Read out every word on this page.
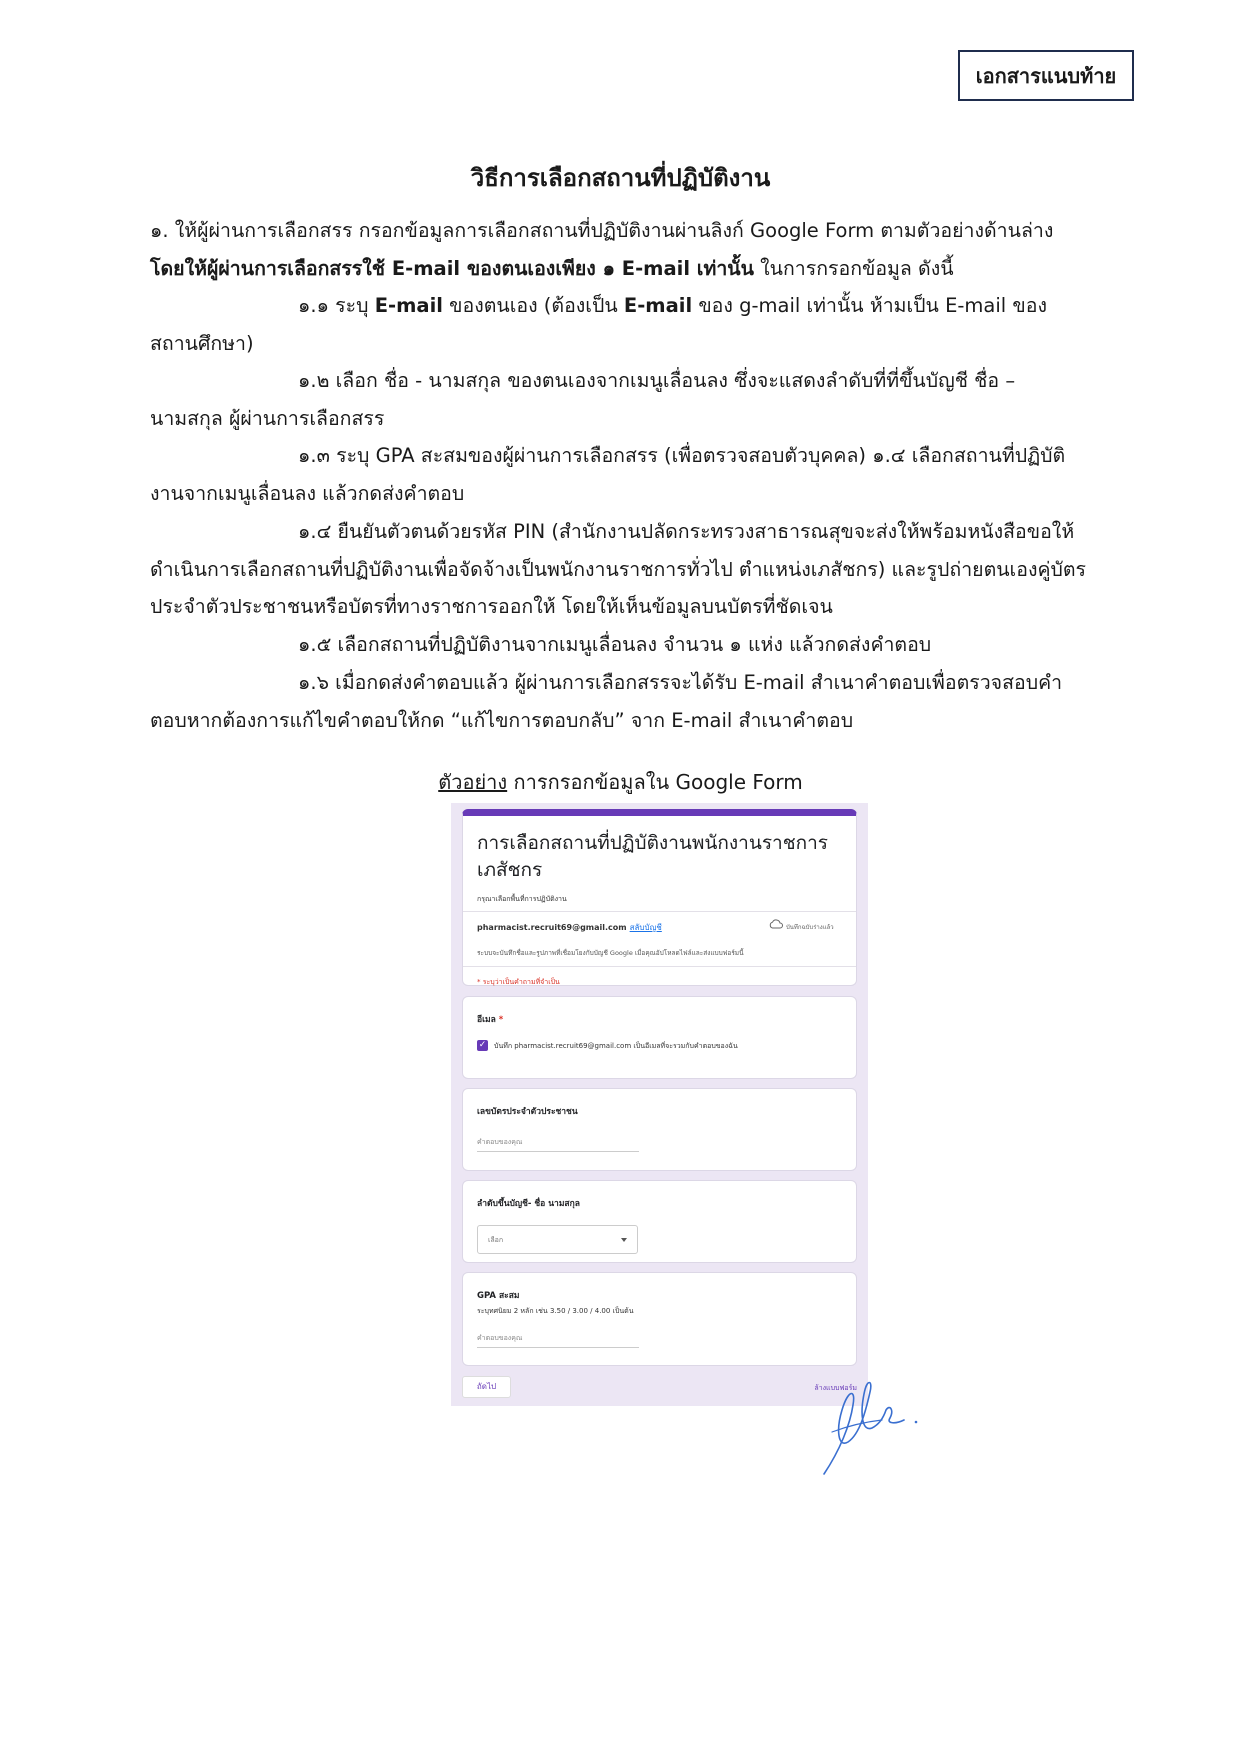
เอกสารแนบท้าย
วิธีการเลือกสถานที่ปฏิบัติงาน
๑. ให้ผู้ผ่านการเลือกสรร กรอกข้อมูลการเลือกสถานที่ปฏิบัติงานผ่านลิงก์ Google Form ตามตัวอย่างด้านล่าง โดยให้ผู้ผ่านการเลือกสรรใช้ E-mail ของตนเองเพียง ๑ E-mail เท่านั้น ในการกรอกข้อมูล ดังนี้
๑.๑ ระบุ E-mail ของตนเอง (ต้องเป็น E-mail ของ g-mail เท่านั้น ห้ามเป็น E-mail ของสถานศึกษา)
๑.๒ เลือก ชื่อ - นามสกุล ของตนเองจากเมนูเลื่อนลง ซึ่งจะแสดงลำดับที่ที่ขึ้นบัญชี ชื่อ – นามสกุล ผู้ผ่านการเลือกสรร
๑.๓ ระบุ GPA สะสมของผู้ผ่านการเลือกสรร (เพื่อตรวจสอบตัวบุคคล) ๑.๔ เลือกสถานที่ปฏิบัติงานจากเมนูเลื่อนลง แล้วกดส่งคำตอบ
๑.๔ ยืนยันตัวตนด้วยรหัส PIN (สำนักงานปลัดกระทรวงสาธารณสุขจะส่งให้พร้อมหนังสือขอให้ดำเนินการเลือกสถานที่ปฏิบัติงานเพื่อจัดจ้างเป็นพนักงานราชการทั่วไป ตำแหน่งเภสัชกร) และรูปถ่ายตนเองคู่บัตรประจำตัวประชาชนหรือบัตรที่ทางราชการออกให้ โดยให้เห็นข้อมูลบนบัตรที่ชัดเจน
๑.๕ เลือกสถานที่ปฏิบัติงานจากเมนูเลื่อนลง จำนวน ๑ แห่ง แล้วกดส่งคำตอบ
๑.๖ เมื่อกดส่งคำตอบแล้ว ผู้ผ่านการเลือกสรรจะได้รับ E-mail สำเนาคำตอบเพื่อตรวจสอบคำตอบหากต้องการแก้ไขคำตอบให้กด “แก้ไขการตอบกลับ” จาก E-mail สำเนาคำตอบ
ตัวอย่าง การกรอกข้อมูลใน Google Form
การเลือกสถานที่ปฏิบัติงานพนักงานราชการเภสัชกร
กรุณาเลือกพื้นที่การปฏิบัติงาน
pharmacist.recruit69@gmail.com สลับบัญชี	บันทึกฉบับร่างแล้ว
ระบบจะบันทึกชื่อและรูปภาพที่เชื่อมโยงกับบัญชี Google เมื่อคุณอัปโหลดไฟล์และส่งแบบฟอร์มนี้
* ระบุว่าเป็นคำถามที่จำเป็น
อีเมล *
✓ บันทึก pharmacist.recruit69@gmail.com เป็นอีเมลที่จะรวมกับคำตอบของฉัน
เลขบัตรประจำตัวประชาชน
คำตอบของคุณ
ลำดับขึ้นบัญชี- ชื่อ นามสกุล
เลือก
GPA สะสม
ระบุทศนิยม 2 หลัก เช่น 3.50 / 3.00 / 4.00 เป็นต้น
คำตอบของคุณ
ถัดไป	ล้างแบบฟอร์ม
